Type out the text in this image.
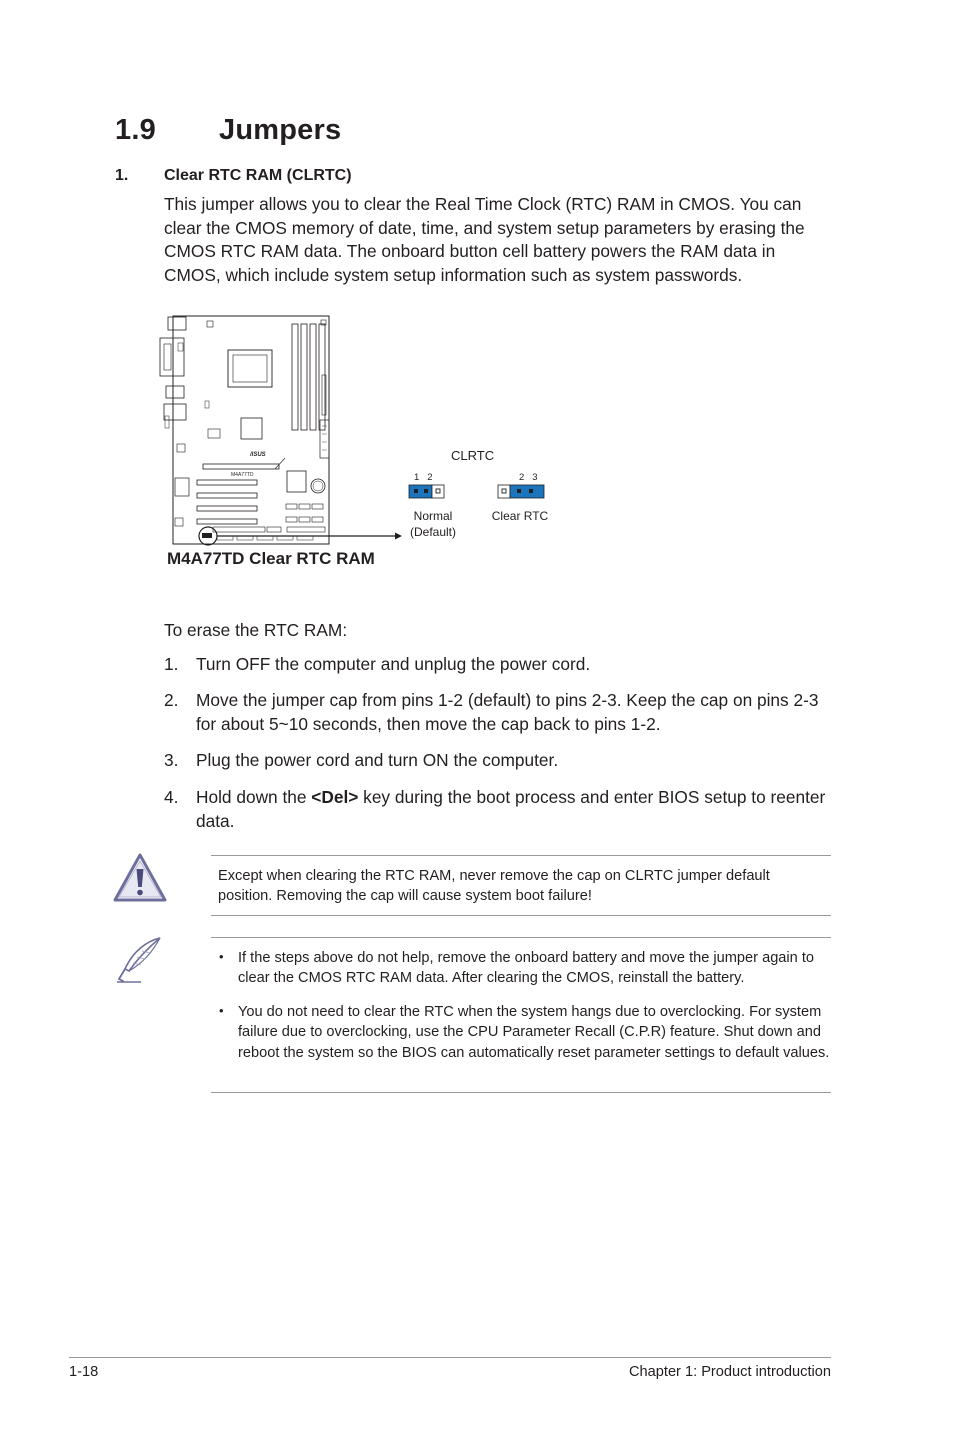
1.9 Jumpers
1. Clear RTC RAM (CLRTC)
This jumper allows you to clear the Real Time Clock (RTC) RAM in CMOS. You can clear the CMOS memory of date, time, and system setup parameters by erasing the CMOS RTC RAM data. The onboard button cell battery powers the RAM data in CMOS, which include system setup information such as system passwords.
/ISUS
M4A77TD
CLRTC
1   2	2   3
Normal
(Default)
Clear RTC
M4A77TD Clear RTC RAM
To erase the RTC RAM:
1. Turn OFF the computer and unplug the power cord.
2. Move the jumper cap from pins 1-2 (default) to pins 2-3. Keep the cap on pins 2-3 for about 5~10 seconds, then move the cap back to pins 1-2.
3. Plug the power cord and turn ON the computer.
4. Hold down the <Del> key during the boot process and enter BIOS setup to reenter data.
Except when clearing the RTC RAM, never remove the cap on CLRTC jumper default position. Removing the cap will cause system boot failure!
• If the steps above do not help, remove the onboard battery and move the jumper again to clear the CMOS RTC RAM data. After clearing the CMOS, reinstall the battery.
• You do not need to clear the RTC when the system hangs due to overclocking. For system failure due to overclocking, use the CPU Parameter Recall (C.P.R) feature. Shut down and reboot the system so the BIOS can automatically reset parameter settings to default values.
1-18	Chapter 1: Product introduction
